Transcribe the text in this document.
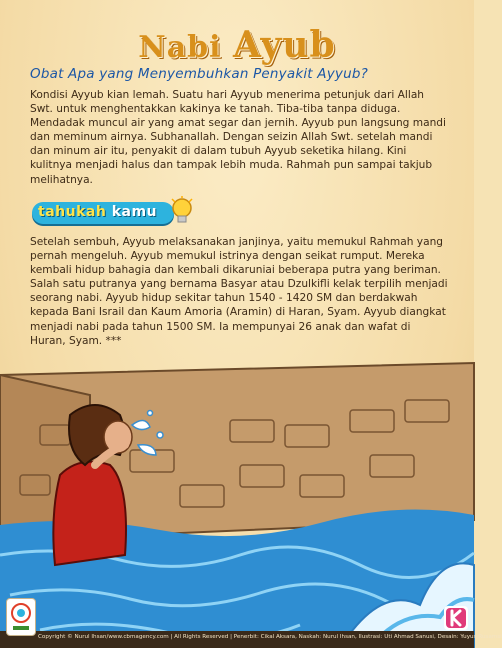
Nabi Ayub
Obat Apa yang Menyembuhkan Penyakit Ayyub?

Kondisi Ayyub kian lemah. Suatu hari Ayyub menerima petunjuk dari Allah Swt. untuk menghentakkan kakinya ke tanah. Tiba-tiba tanpa diduga. Mendadak muncul air yang amat segar dan jernih. Ayyub pun langsung mandi dan meminum airnya. Subhanallah. Dengan seizin Allah Swt. setelah mandi dan minum air itu, penyakit di dalam tubuh Ayyub seketika hilang. Kini kulitnya menjadi halus dan tampak lebih muda. Rahmah pun sampai takjub melihatnya.

tahukah kamu

Setelah sembuh, Ayyub melaksanakan janjinya, yaitu memukul Rahmah yang pernah mengeluh. Ayyub memukul istrinya dengan seikat rumput. Mereka kembali hidup bahagia dan kembali dikaruniai beberapa putra yang beriman. Salah satu putranya yang bernama Basyar atau Dzulkifli kelak terpilih menjadi seorang nabi. Ayyub hidup sekitar tahun 1540 - 1420 SM dan berdakwah kepada Bani Israil dan Kaum Amoria (Aramin) di Haran, Syam. Ayyub diangkat menjadi nabi pada tahun 1500 SM. Ia mempunyai 26 anak dan wafat di Huran, Syam. ***

Copyright © Nurul Ihsan/www.cbmagency.com | All Rights Reserved | Penerbit: Cikal Aksara, Naskah: Nurul Ihsan, Ilustrasi: Uti Ahmad Sanusi, Desain: Yuyus Rusamsi
